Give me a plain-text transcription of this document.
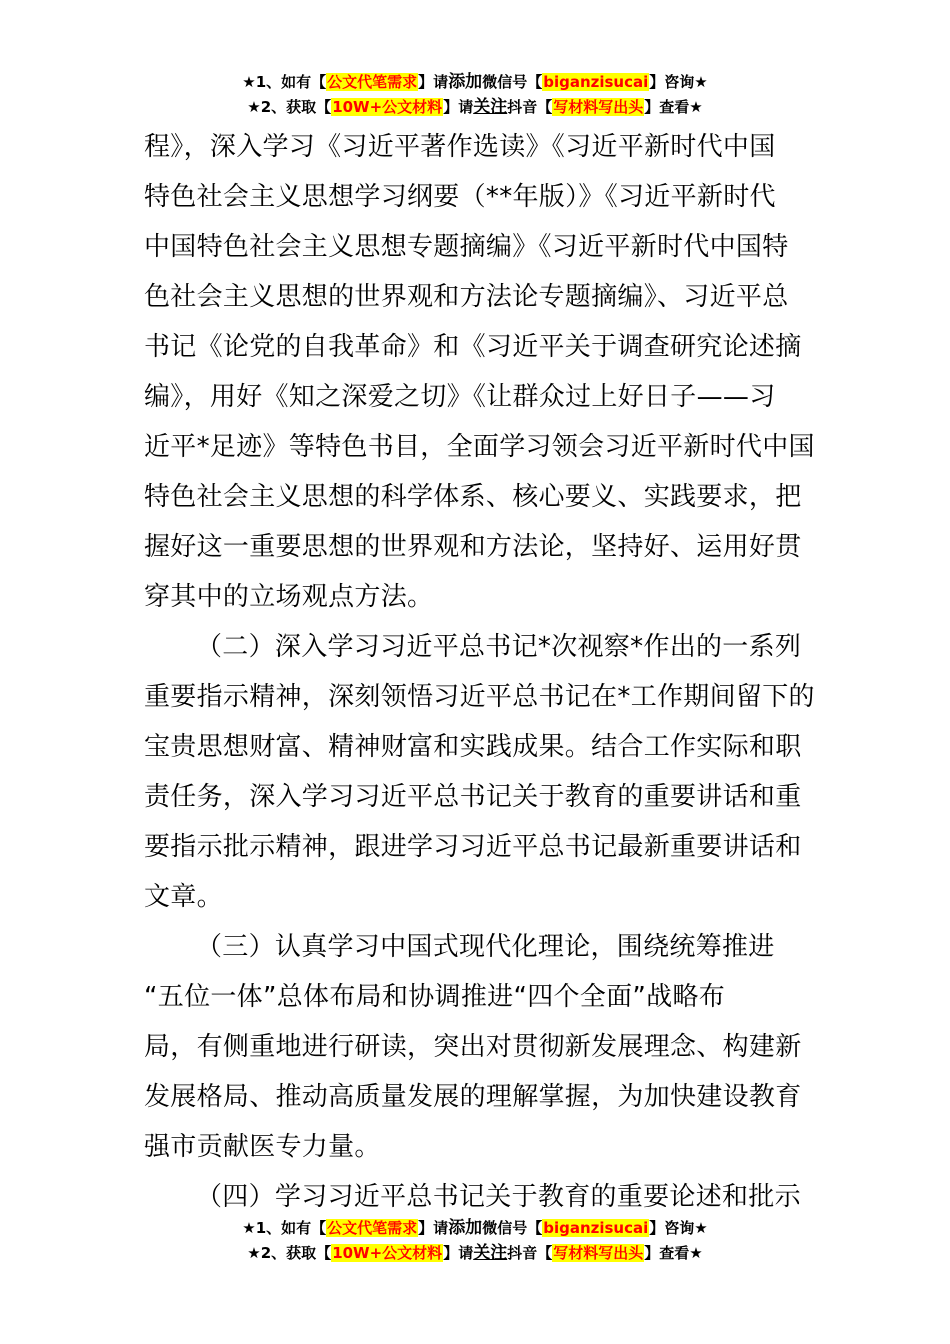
★1、如有【公文代笔需求】请添加微信号【biganzisucai】咨询★
★2、获取【10W+公文材料】请关注抖音【写材料写出头】查看★
程》，深入学习《习近平著作选读》《习近平新时代中国
特色社会主义思想学习纲要（**年版）》《习近平新时代
中国特色社会主义思想专题摘编》《习近平新时代中国特
色社会主义思想的世界观和方法论专题摘编》、习近平总
书记《论党的自我革命》和《习近平关于调查研究论述摘
编》，用好《知之深爱之切》《让群众过上好日子——习
近平*足迹》等特色书目，全面学习领会习近平新时代中国
特色社会主义思想的科学体系、核心要义、实践要求，把
握好这一重要思想的世界观和方法论，坚持好、运用好贯
穿其中的立场观点方法。
（二）深入学习习近平总书记*次视察*作出的一系列
重要指示精神，深刻领悟习近平总书记在*工作期间留下的
宝贵思想财富、精神财富和实践成果。结合工作实际和职
责任务，深入学习习近平总书记关于教育的重要讲话和重
要指示批示精神，跟进学习习近平总书记最新重要讲话和
文章。
（三）认真学习中国式现代化理论，围绕统筹推进
“五位一体”总体布局和协调推进“四个全面”战略布
局，有侧重地进行研读，突出对贯彻新发展理念、构建新
发展格局、推动高质量发展的理解掌握，为加快建设教育
强市贡献医专力量。
（四）学习习近平总书记关于教育的重要论述和批示
★1、如有【公文代笔需求】请添加微信号【biganzisucai】咨询★
★2、获取【10W+公文材料】请关注抖音【写材料写出头】查看★
